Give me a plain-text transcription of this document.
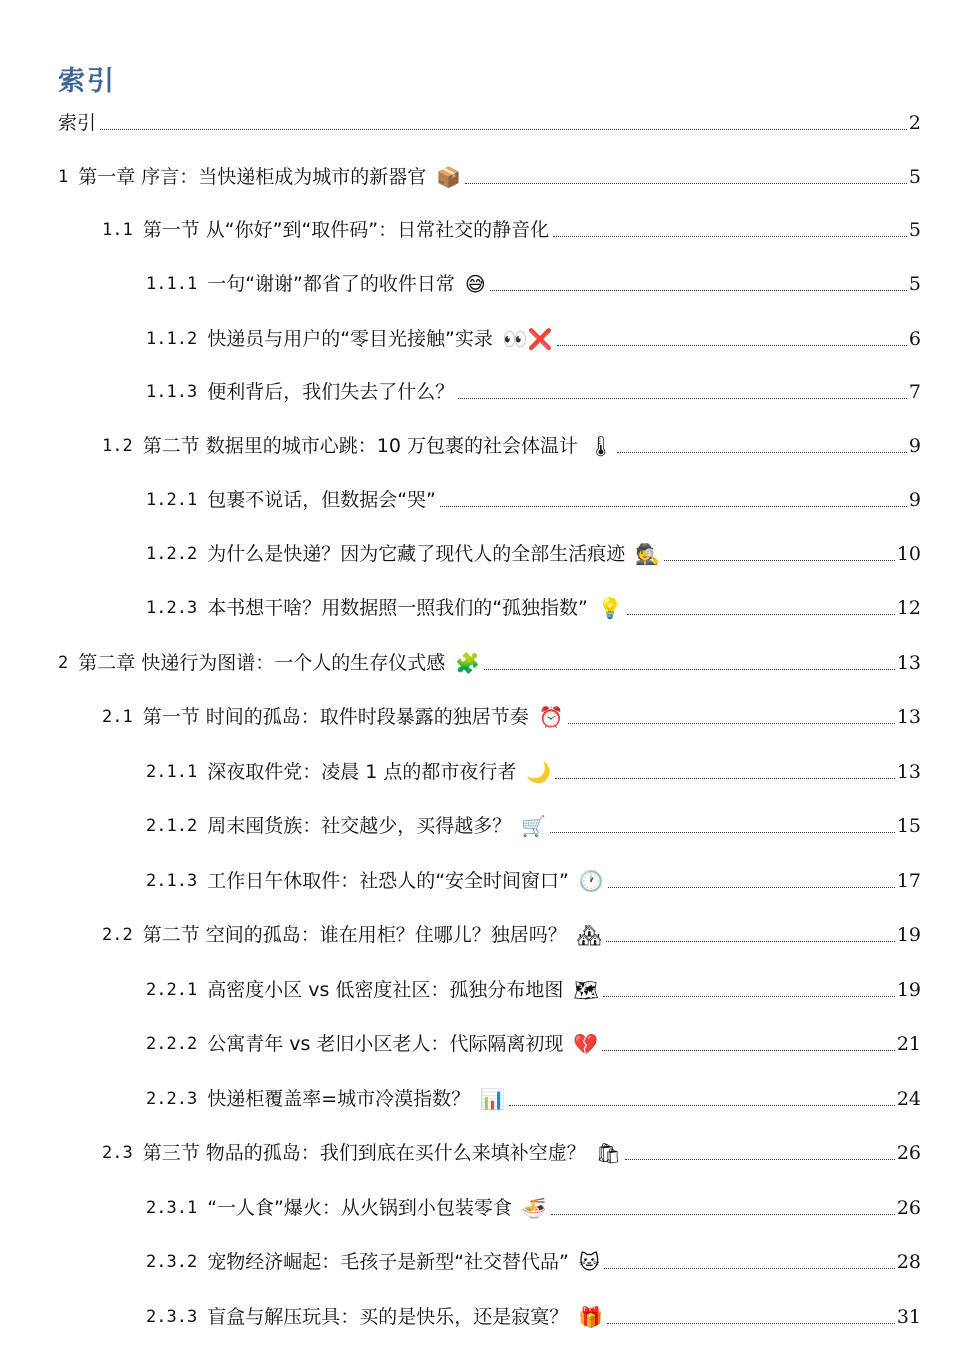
索引
索引	2
1 第一章 序言：当快递柜成为城市的新器官 📦	5
1.1 第一节 从“你好”到“取件码”：日常社交的静音化	5
1.1.1 一句“谢谢”都省了的收件日常 😅	5
1.1.2 快递员与用户的“零目光接触”实录 👀❌	6
1.1.3 便利背后，我们失去了什么？	7
1.2 第二节 数据里的城市心跳：10 万包裹的社会体温计 🌡	9
1.2.1 包裹不说话，但数据会“哭”	9
1.2.2 为什么是快递？因为它藏了现代人的全部生活痕迹 🕵	10
1.2.3 本书想干啥？用数据照一照我们的“孤独指数” 💡	12
2 第二章 快递行为图谱：一个人的生存仪式感 🧩	13
2.1 第一节 时间的孤岛：取件时段暴露的独居节奏 ⏰	13
2.1.1 深夜取件党：凌晨 1 点的都市夜行者 🌙	13
2.1.2 周末囤货族：社交越少，买得越多？ 🛒	15
2.1.3 工作日午休取件：社恐人的“安全时间窗口” 🕐	17
2.2 第二节 空间的孤岛：谁在用柜？住哪儿？独居吗？ 🏘	19
2.2.1 高密度小区 vs 低密度社区：孤独分布地图 🗺	19
2.2.2 公寓青年 vs 老旧小区老人：代际隔离初现 💔	21
2.2.3 快递柜覆盖率=城市冷漠指数？ 📊	24
2.3 第三节 物品的孤岛：我们到底在买什么来填补空虚？ 🛍	26
2.3.1 “一人食”爆火：从火锅到小包装零食 🍜	26
2.3.2 宠物经济崛起：毛孩子是新型“社交替代品” 🐱	28
2.3.3 盲盒与解压玩具：买的是快乐，还是寂寞？ 🎁	31
